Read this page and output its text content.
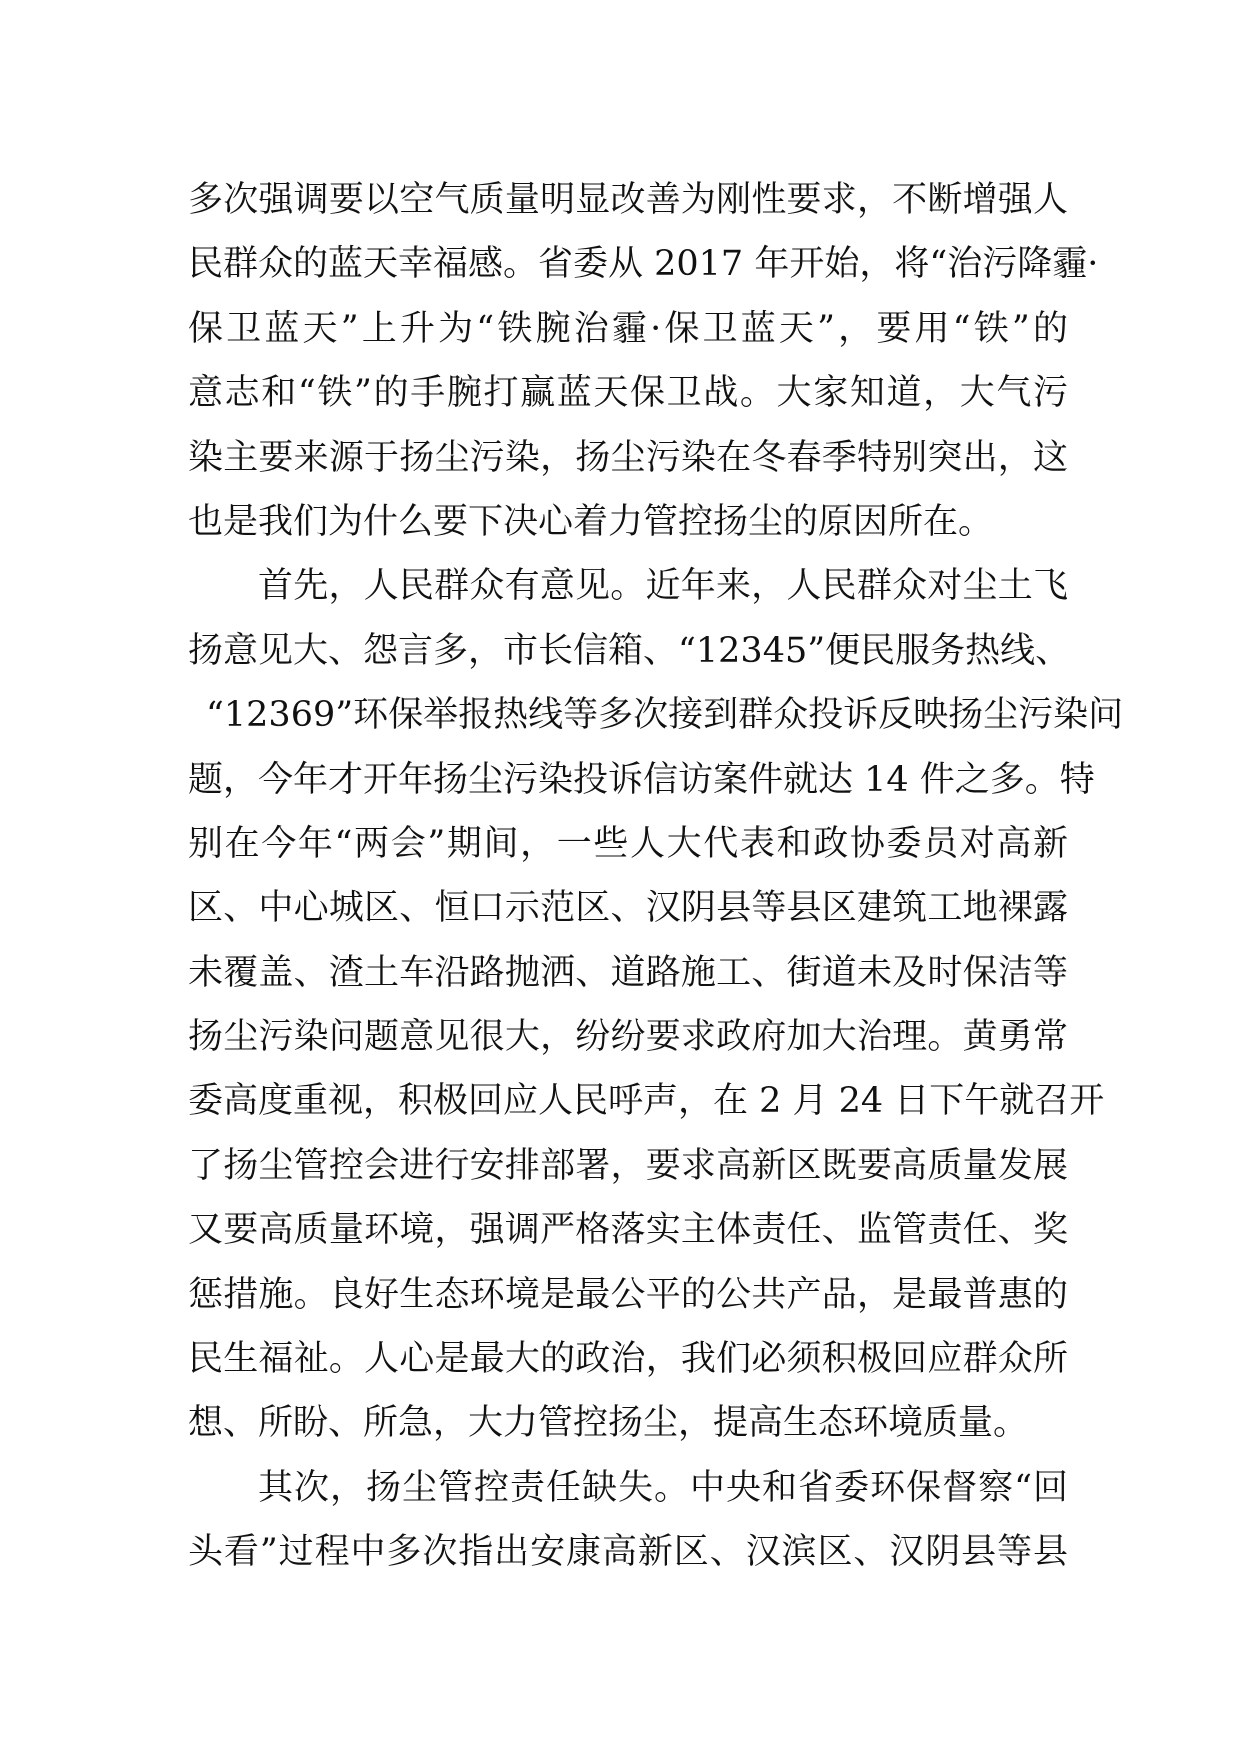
多次强调要以空气质量明显改善为刚性要求，不断增强人
民群众的蓝天幸福感。省委从 2017 年开始，将“治污降霾·
保卫蓝天”上升为“铁腕治霾·保卫蓝天”，要用“铁”的
意志和“铁”的手腕打赢蓝天保卫战。大家知道，大气污
染主要来源于扬尘污染，扬尘污染在冬春季特别突出，这
也是我们为什么要下决心着力管控扬尘的原因所在。
首先，人民群众有意见。近年来，人民群众对尘土飞
扬意见大、怨言多，市长信箱、“12345”便民服务热线、
“12369”环保举报热线等多次接到群众投诉反映扬尘污染问
题，今年才开年扬尘污染投诉信访案件就达 14 件之多。特
别在今年“两会”期间，一些人大代表和政协委员对高新
区、中心城区、恒口示范区、汉阴县等县区建筑工地裸露
未覆盖、渣土车沿路抛洒、道路施工、街道未及时保洁等
扬尘污染问题意见很大，纷纷要求政府加大治理。黄勇常
委高度重视，积极回应人民呼声，在 2 月 24 日下午就召开
了扬尘管控会进行安排部署，要求高新区既要高质量发展
又要高质量环境，强调严格落实主体责任、监管责任、奖
惩措施。良好生态环境是最公平的公共产品，是最普惠的
民生福祉。人心是最大的政治，我们必须积极回应群众所
想、所盼、所急，大力管控扬尘，提高生态环境质量。
其次，扬尘管控责任缺失。中央和省委环保督察“回
头看”过程中多次指出安康高新区、汉滨区、汉阴县等县
